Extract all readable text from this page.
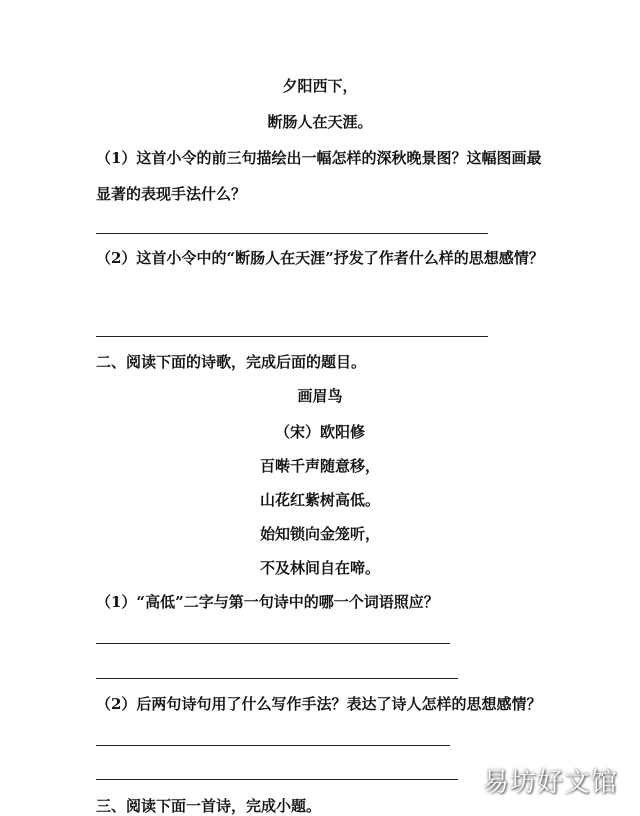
夕阳西下，
断肠人在天涯。
（1）这首小令的前三句描绘出一幅怎样的深秋晚景图？这幅图画最
显著的表现手法什么？
（2）这首小令中的“断肠人在天涯”抒发了作者什么样的思想感情？
二、阅读下面的诗歌，完成后面的题目。
画眉鸟
（宋）欧阳修
百啭千声随意移，
山花红紫树高低。
始知锁向金笼听，
不及林间自在啼。
（1）“高低”二字与第一句诗中的哪一个词语照应？
（2）后两句诗句用了什么写作手法？表达了诗人怎样的思想感情？
三、阅读下面一首诗，完成小题。
易坊好文馆
